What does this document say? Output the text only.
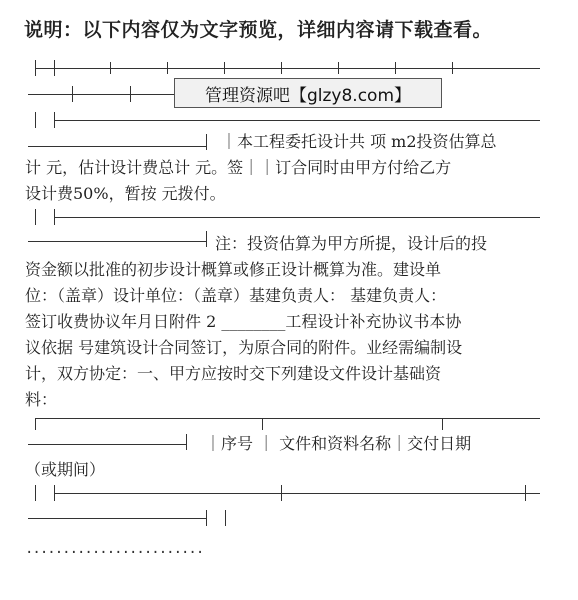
说明：以下内容仅为文字预览，详细内容请下载查看。
管理资源吧【glzy8.com】
｜本工程委托设计共 项 m2投资估算总
计 元，估计设计费总计 元。签｜｜订合同时由甲方付给乙方
设计费50%，暂按 元拨付。
注：投资估算为甲方所提，设计后的投
资金额以批准的初步设计概算或修正设计概算为准。建设单
位：（盖章）设计单位：（盖章）基建负责人： 基建负责人：
签订收费协议年月日附件 2 ________工程设计补充协议书本协
议依据 号建筑设计合同签订，为原合同的附件。业经需编制设
计，双方协定：一、甲方应按时交下列建设文件设计基础资
料：
｜序号 ｜ 文件和资料名称｜交付日期
（或期间）
........................
